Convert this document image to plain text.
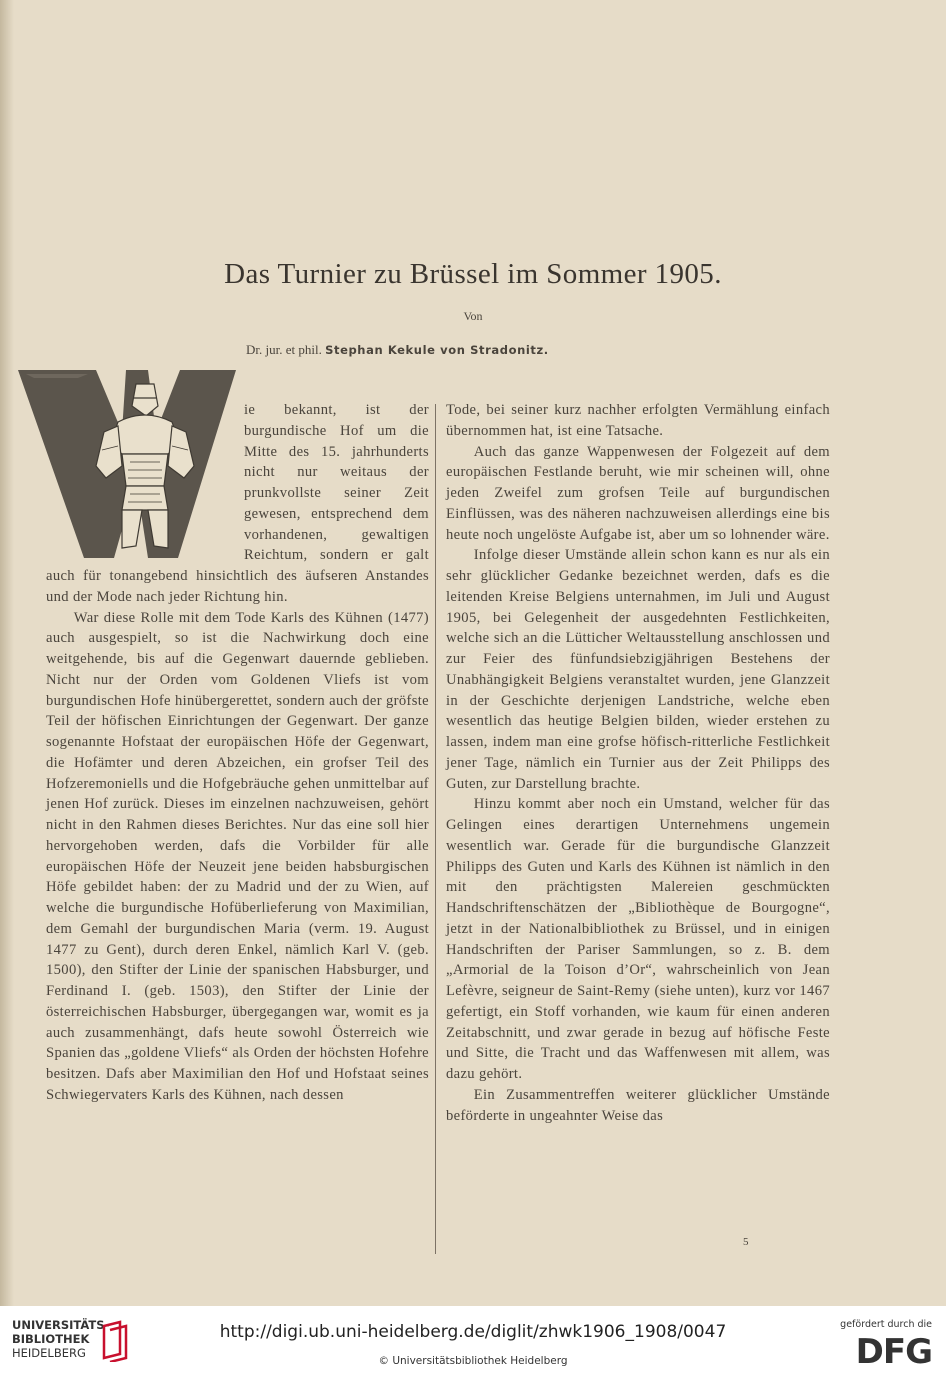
Das Turnier zu Brüssel im Sommer 1905.
Von
Dr. jur. et phil. Stephan Kekule von Stradonitz.

ie bekannt, ist der burgundische Hof um die Mitte des 15. jahrhunderts nicht nur weitaus der prunkvollste seiner Zeit gewesen, entsprechend dem vorhandenen, gewaltigen Reichtum, sondern er galt auch für tonangebend hinsichtlich des äufseren Anstandes und der Mode nach jeder Richtung hin.

War diese Rolle mit dem Tode Karls des Kühnen (1477) auch ausgespielt, so ist die Nachwirkung doch eine weitgehende, bis auf die Gegenwart dauernde geblieben. Nicht nur der Orden vom Goldenen Vliefs ist vom burgundischen Hofe hinübergerettet, sondern auch der gröfste Teil der höfischen Einrichtungen der Gegenwart. Der ganze sogenannte Hofstaat der europäischen Höfe der Gegenwart, die Hofämter und deren Abzeichen, ein grofser Teil des Hofzeremoniells und die Hofgebräuche gehen unmittelbar auf jenen Hof zurück. Dieses im einzelnen nachzuweisen, gehört nicht in den Rahmen dieses Berichtes. Nur das eine soll hier hervorgehoben werden, dafs die Vorbilder für alle europäischen Höfe der Neuzeit jene beiden habsburgischen Höfe gebildet haben: der zu Madrid und der zu Wien, auf welche die burgundische Hofüberlieferung von Maximilian, dem Gemahl der burgundischen Maria (verm. 19. August 1477 zu Gent), durch deren Enkel, nämlich Karl V. (geb. 1500), den Stifter der Linie der spanischen Habsburger, und Ferdinand I. (geb. 1503), den Stifter der Linie der österreichischen Habsburger, übergegangen war, womit es ja auch zusammenhängt, dafs heute sowohl Österreich wie Spanien das „goldene Vliefs“ als Orden der höchsten Hofehre besitzen. Dafs aber Maximilian den Hof und Hofstaat seines Schwiegervaters Karls des Kühnen, nach dessen

Tode, bei seiner kurz nachher erfolgten Vermählung einfach übernommen hat, ist eine Tatsache.

Auch das ganze Wappenwesen der Folgezeit auf dem europäischen Festlande beruht, wie mir scheinen will, ohne jeden Zweifel zum grofsen Teile auf burgundischen Einflüssen, was des näheren nachzuweisen allerdings eine bis heute noch ungelöste Aufgabe ist, aber um so lohnender wäre.

Infolge dieser Umstände allein schon kann es nur als ein sehr glücklicher Gedanke bezeichnet werden, dafs es die leitenden Kreise Belgiens unternahmen, im Juli und August 1905, bei Gelegenheit der ausgedehnten Festlichkeiten, welche sich an die Lütticher Weltausstellung anschlossen und zur Feier des fünfundsiebzigjährigen Bestehens der Unabhängigkeit Belgiens veranstaltet wurden, jene Glanzzeit in der Geschichte derjenigen Landstriche, welche eben wesentlich das heutige Belgien bilden, wieder erstehen zu lassen, indem man eine grofse höfisch-ritterliche Festlichkeit jener Tage, nämlich ein Turnier aus der Zeit Philipps des Guten, zur Darstellung brachte.

Hinzu kommt aber noch ein Umstand, welcher für das Gelingen eines derartigen Unternehmens ungemein wesentlich war. Gerade für die burgundische Glanzzeit Philipps des Guten und Karls des Kühnen ist nämlich in den mit den prächtigsten Malereien geschmückten Handschriftenschätzen der „Bibliothèque de Bourgogne“, jetzt in der Nationalbibliothek zu Brüssel, und in einigen Handschriften der Pariser Sammlungen, so z. B. dem „Armorial de la Toison d’Or“, wahrscheinlich von Jean Lefèvre, seigneur de Saint-Remy (siehe unten), kurz vor 1467 gefertigt, ein Stoff vorhanden, wie kaum für einen anderen Zeitabschnitt, und zwar gerade in bezug auf höfische Feste und Sitte, die Tracht und das Waffenwesen mit allem, was dazu gehört.

Ein Zusammentreffen weiterer glücklicher Umstände beförderte in ungeahnter Weise das

5
UNIVERSITÄTS-
BIBLIOTHEK
HEIDELBERG
http://digi.ub.uni-heidelberg.de/diglit/zhwk1906_1908/0047
© Universitätsbibliothek Heidelberg
gefördert durch die
DFG
